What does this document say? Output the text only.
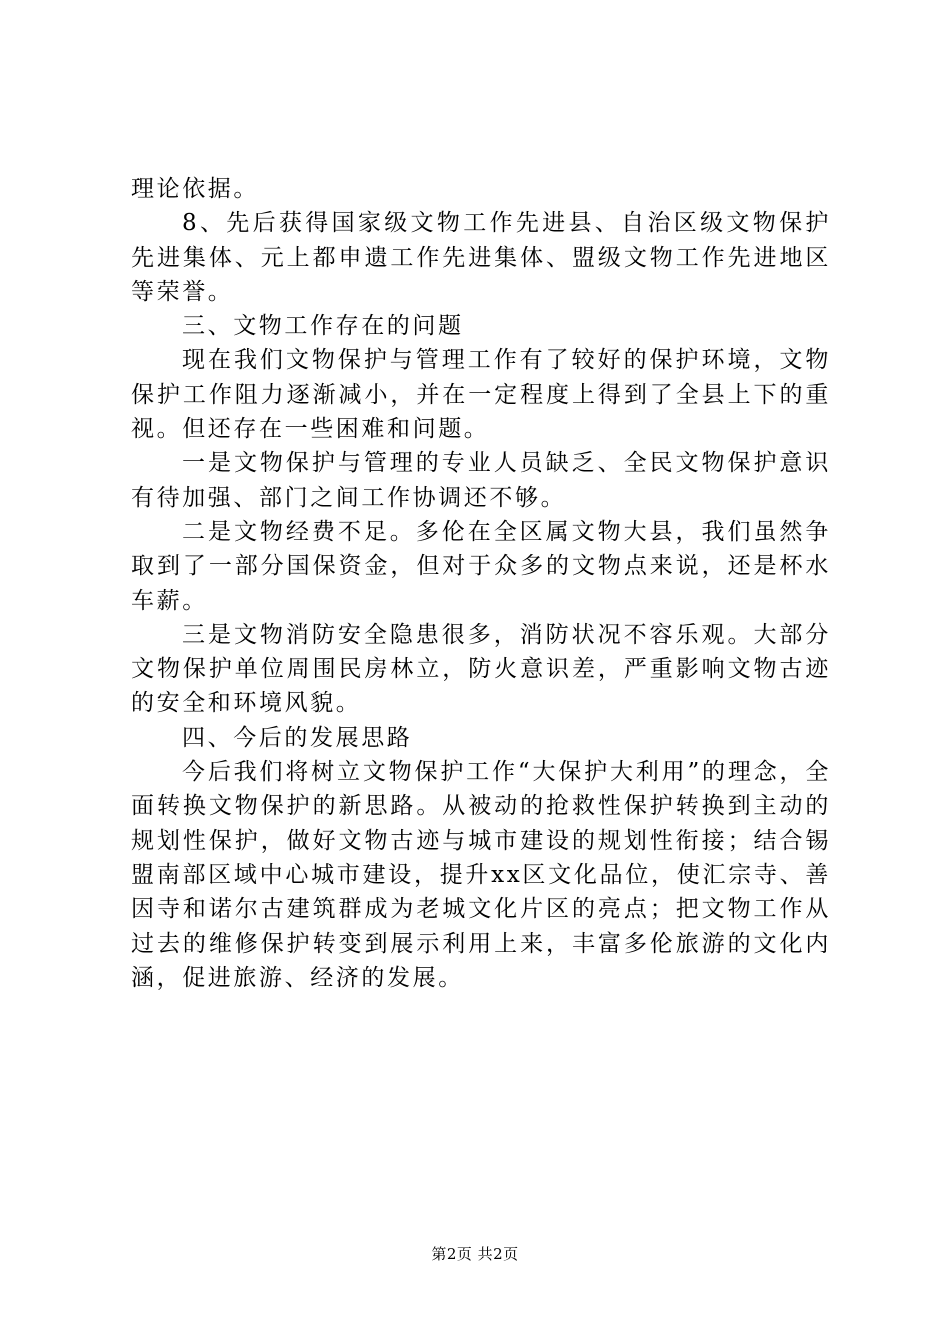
理论依据。

8、先后获得国家级文物工作先进县、自治区级文物保护先进集体、元上都申遗工作先进集体、盟级文物工作先进地区等荣誉。

三、文物工作存在的问题

现在我们文物保护与管理工作有了较好的保护环境，文物保护工作阻力逐渐减小，并在一定程度上得到了全县上下的重视。但还存在一些困难和问题。

一是文物保护与管理的专业人员缺乏、全民文物保护意识有待加强、部门之间工作协调还不够。

二是文物经费不足。多伦在全区属文物大县，我们虽然争取到了一部分国保资金，但对于众多的文物点来说，还是杯水车薪。

三是文物消防安全隐患很多，消防状况不容乐观。大部分文物保护单位周围民房林立，防火意识差，严重影响文物古迹的安全和环境风貌。

四、今后的发展思路

今后我们将树立文物保护工作“大保护大利用”的理念，全面转换文物保护的新思路。从被动的抢救性保护转换到主动的规划性保护，做好文物古迹与城市建设的规划性衔接；结合锡盟南部区域中心城市建设，提升xx区文化品位，使汇宗寺、善因寺和诺尔古建筑群成为老城文化片区的亮点；把文物工作从过去的维修保护转变到展示利用上来，丰富多伦旅游的文化内涵，促进旅游、经济的发展。

第2页 共2页
